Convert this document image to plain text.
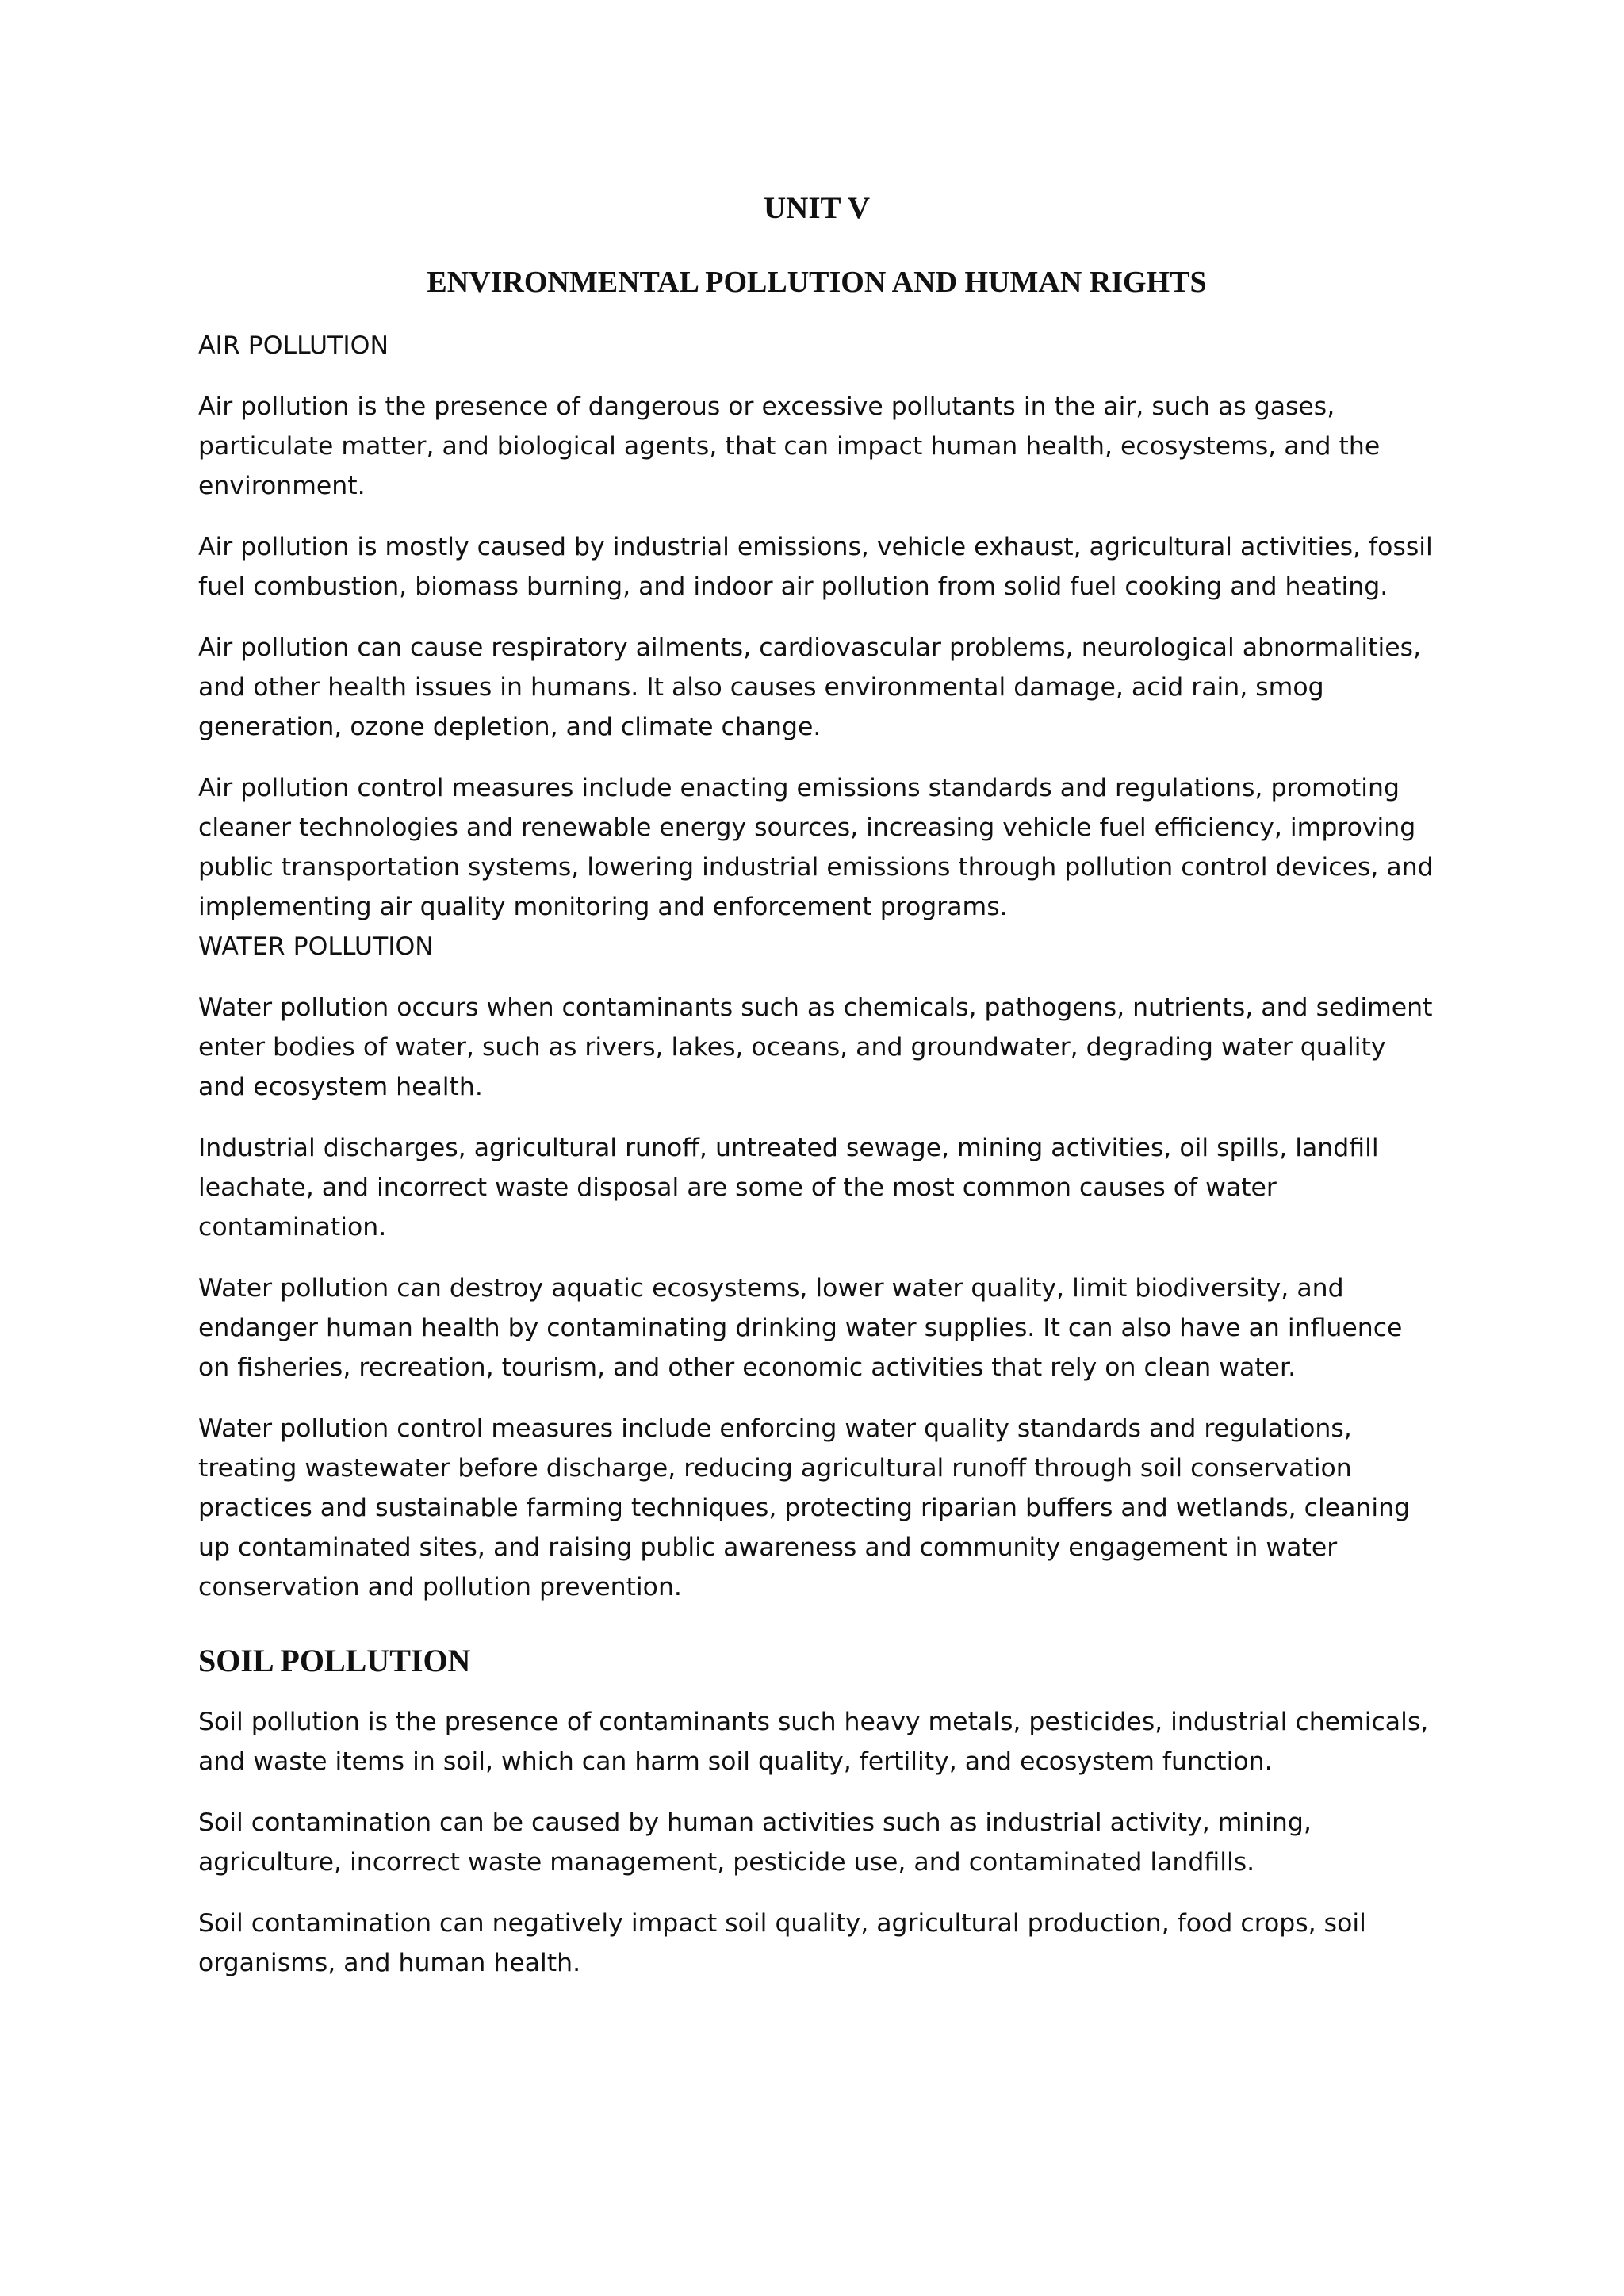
UNIT V
ENVIRONMENTAL POLLUTION AND HUMAN RIGHTS

AIR POLLUTION

Air pollution is the presence of dangerous or excessive pollutants in the air, such as gases, particulate matter, and biological agents, that can impact human health, ecosystems, and the environment.

Air pollution is mostly caused by industrial emissions, vehicle exhaust, agricultural activities, fossil fuel combustion, biomass burning, and indoor air pollution from solid fuel cooking and heating.

Air pollution can cause respiratory ailments, cardiovascular problems, neurological abnormalities, and other health issues in humans. It also causes environmental damage, acid rain, smog generation, ozone depletion, and climate change.

Air pollution control measures include enacting emissions standards and regulations, promoting cleaner technologies and renewable energy sources, increasing vehicle fuel efficiency, improving public transportation systems, lowering industrial emissions through pollution control devices, and implementing air quality monitoring and enforcement programs.

WATER POLLUTION

Water pollution occurs when contaminants such as chemicals, pathogens, nutrients, and sediment enter bodies of water, such as rivers, lakes, oceans, and groundwater, degrading water quality and ecosystem health.

Industrial discharges, agricultural runoff, untreated sewage, mining activities, oil spills, landfill leachate, and incorrect waste disposal are some of the most common causes of water contamination.

Water pollution can destroy aquatic ecosystems, lower water quality, limit biodiversity, and endanger human health by contaminating drinking water supplies. It can also have an influence on fisheries, recreation, tourism, and other economic activities that rely on clean water.

Water pollution control measures include enforcing water quality standards and regulations, treating wastewater before discharge, reducing agricultural runoff through soil conservation practices and sustainable farming techniques, protecting riparian buffers and wetlands, cleaning up contaminated sites, and raising public awareness and community engagement in water conservation and pollution prevention.

SOIL POLLUTION

Soil pollution is the presence of contaminants such heavy metals, pesticides, industrial chemicals, and waste items in soil, which can harm soil quality, fertility, and ecosystem function.

Soil contamination can be caused by human activities such as industrial activity, mining, agriculture, incorrect waste management, pesticide use, and contaminated landfills.

Soil contamination can negatively impact soil quality, agricultural production, food crops, soil organisms, and human health.
